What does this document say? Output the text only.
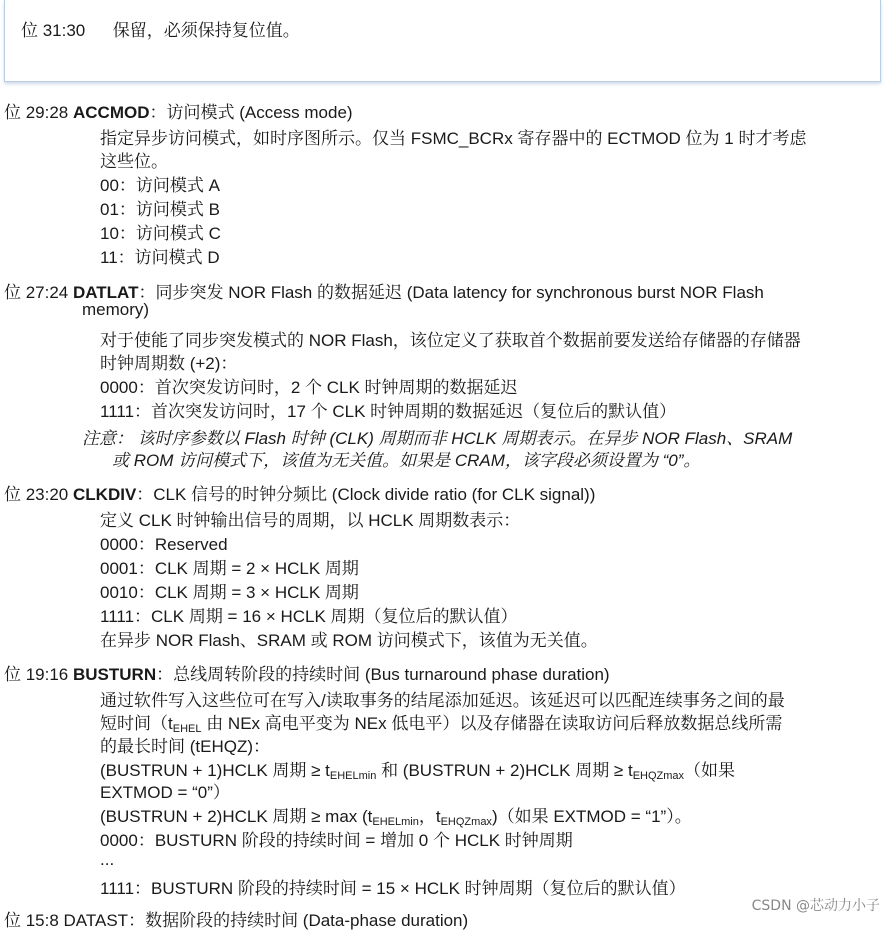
位 31:30 保留，必须保持复位值。
位 29:28 ACCMOD：访问模式 (Access mode)
指定异步访问模式，如时序图所示。仅当 FSMC_BCRx 寄存器中的 ECTMOD 位为 1 时才考虑
这些位。
00：访问模式 A
01：访问模式 B
10：访问模式 C
11：访问模式 D
位 27:24 DATLAT：同步突发 NOR Flash 的数据延迟 (Data latency for synchronous burst NOR Flash
memory)
对于使能了同步突发模式的 NOR Flash，该位定义了获取首个数据前要发送给存储器的存储器
时钟周期数 (+2)：
0000：首次突发访问时，2 个 CLK 时钟周期的数据延迟
1111：首次突发访问时，17 个 CLK 时钟周期的数据延迟（复位后的默认值）
注意： 该时序参数以 Flash 时钟 (CLK) 周期而非 HCLK 周期表示。在异步 NOR Flash、SRAM
或 ROM 访问模式下，该值为无关值。如果是 CRAM，该字段必须设置为 “0”。
位 23:20 CLKDIV：CLK 信号的时钟分频比 (Clock divide ratio (for CLK signal))
定义 CLK 时钟输出信号的周期，以 HCLK 周期数表示：
0000：Reserved
0001：CLK 周期 = 2 × HCLK 周期
0010：CLK 周期 = 3 × HCLK 周期
1111：CLK 周期 = 16 × HCLK 周期（复位后的默认值）
在异步 NOR Flash、SRAM 或 ROM 访问模式下，该值为无关值。
位 19:16 BUSTURN：总线周转阶段的持续时间 (Bus turnaround phase duration)
通过软件写入这些位可在写入/读取事务的结尾添加延迟。该延迟可以匹配连续事务之间的最
短时间（$t_{EHEL}$ 由 NEx 高电平变为 NEx 低电平）以及存储器在读取访问后释放数据总线所需
的最长时间 (tEHQZ)：
(BUSTRUN + 1)HCLK 周期 ≥ $t_{EHELmin}$ 和 (BUSTRUN + 2)HCLK 周期 ≥ $t_{EHQZmax}$（如果
EXTMOD = “0”）
(BUSTRUN + 2)HCLK 周期 ≥ $\max (t_{EHELmin}$，$t_{EHQZmax}$)（如果 EXTMOD = “1”）。
0000：BUSTURN 阶段的持续时间 = 增加 0 个 HCLK 时钟周期
...
1111：BUSTURN 阶段的持续时间 = 15 × HCLK 时钟周期（复位后的默认值）
位 15:8 DATAST：数据阶段的持续时间 (Data-phase duration)
CSDN @芯动力小子
